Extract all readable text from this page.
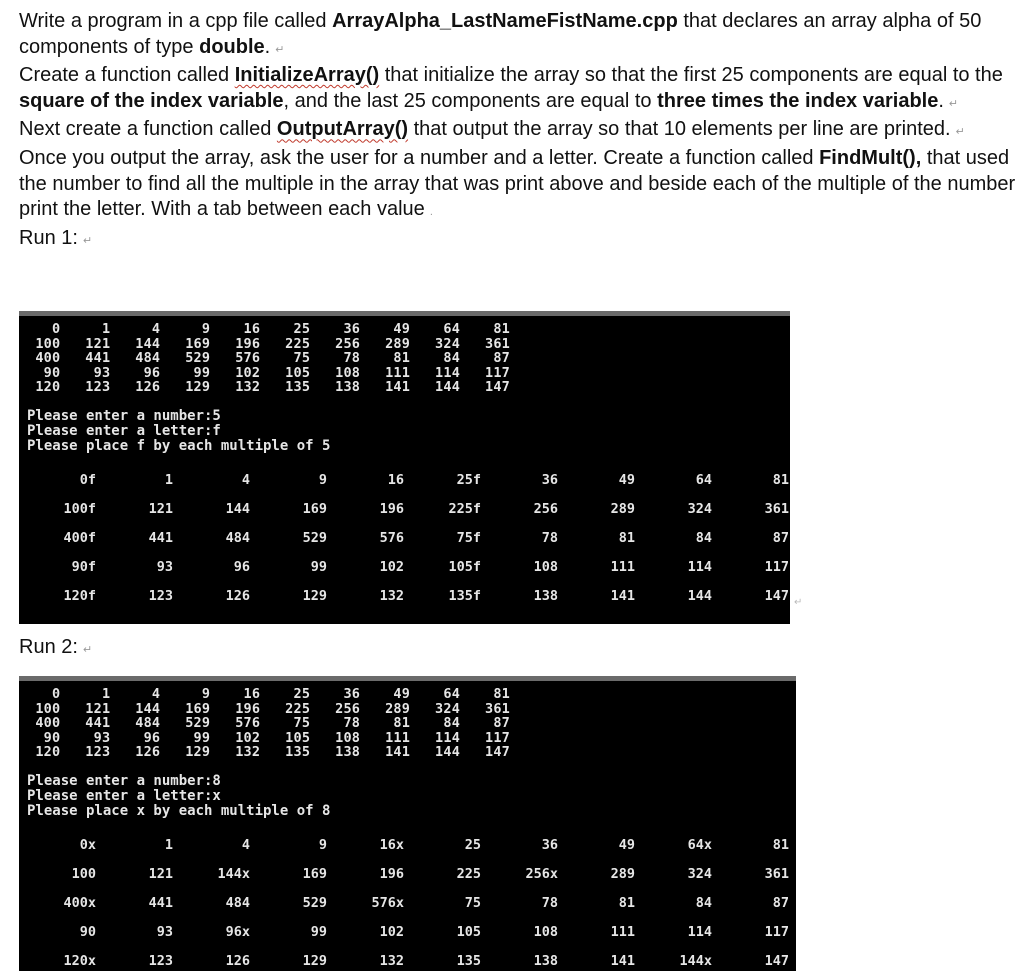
Write a program in a cpp file called ArrayAlpha_LastNameFistName.cpp that declares an array alpha of 50 components of type double. ↵

Create a function called InitializeArray() that initialize the array so that the first 25 components are equal to the square of the index variable, and the last 25 components are equal to three times the index variable. ↵

Next create a function called OutputArray() that output the array so that 10 elements per line are printed. ↵

Once you output the array, ask the user for a number and a letter. Create a function called FindMult(), that used the number to find all the multiple in the array that was print above and beside each of the multiple of the number print the letter. With a tab between each value .

Run 1: ↵

0     1     4     9    16    25    36    49    64    81
100   121   144   169   196   225   256   289   324   361
400   441   484   529   576    75    78    81    84    87
90    93    96    99   102   105   108   111   114   117
120   123   126   129   132   135   138   141   144   147
Please enter a number:5
Please enter a letter:f
Please place f by each multiple of 5
0f	1	4	9	16	25f	36	49	64	81
100f	121	144	169	196	225f	256	289	324	361
400f	441	484	529	576	75f	78	81	84	87
90f	93	96	99	102	105f	108	111	114	117
120f	123	126	129	132	135f	138	141	144	147
Run 2: ↵
0     1     4     9    16    25    36    49    64    81
100   121   144   169   196   225   256   289   324   361
400   441   484   529   576    75    78    81    84    87
90    93    96    99   102   105   108   111   114   117
120   123   126   129   132   135   138   141   144   147
Please enter a number:8
Please enter a letter:x
Please place x by each multiple of 8
0x	1	4	9	16x	25	36	49	64x	81
100	121	144x	169	196	225	256x	289	324	361
400x	441	484	529	576x	75	78	81	84	87
90	93	96x	99	102	105	108	111	114	117
120x	123	126	129	132	135	138	141	144x	147
↵
